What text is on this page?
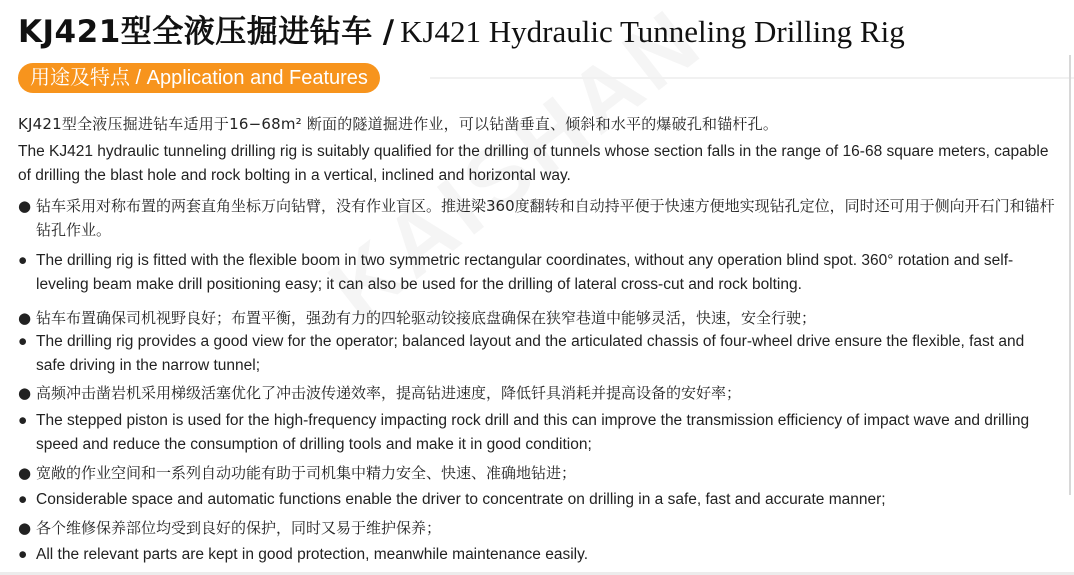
KJ421型全液压掘进钻车 / KJ421 Hydraulic Tunneling Drilling Rig
用途及特点 / Application and Features
KJ421型全液压掘进钻车适用于16−68m² 断面的隧道掘进作业，可以钻凿垂直、倾斜和水平的爆破孔和锚杆孔。
The KJ421 hydraulic tunneling drilling rig is suitably qualified for the drilling of tunnels whose section falls in the range of 16-68 square meters, capable of drilling the blast hole and rock bolting in a vertical, inclined and horizontal way.
● 钻车采用对称布置的两套直角坐标万向钻臂，没有作业盲区。推进梁360度翻转和自动持平便于快速方便地实现钻孔定位，同时还可用于侧向开石门和锚杆钻孔作业。
● The drilling rig is fitted with the flexible boom in two symmetric rectangular coordinates, without any operation blind spot. 360° rotation and self-leveling beam make drill positioning easy; it can also be used for the drilling of lateral cross-cut and rock bolting.
● 钻车布置确保司机视野良好；布置平衡，强劲有力的四轮驱动铰接底盘确保在狭窄巷道中能够灵活，快速，安全行驶；
● The drilling rig provides a good view for the operator; balanced layout and the articulated chassis of four-wheel drive ensure the flexible, fast and safe driving in the narrow tunnel;
● 高频冲击凿岩机采用梯级活塞优化了冲击波传递效率，提高钻进速度，降低钎具消耗并提高设备的安好率；
● The stepped piston is used for the high-frequency impacting rock drill and this can improve the transmission efficiency of impact wave and drilling speed and reduce the consumption of drilling tools and make it in good condition;
● 宽敞的作业空间和一系列自动功能有助于司机集中精力安全、快速、准确地钻进；
● Considerable space and automatic functions enable the driver to concentrate on drilling in a safe, fast and accurate manner;
● 各个维修保养部位均受到良好的保护，同时又易于维护保养；
● All the relevant parts are kept in good protection, meanwhile maintenance easily.
